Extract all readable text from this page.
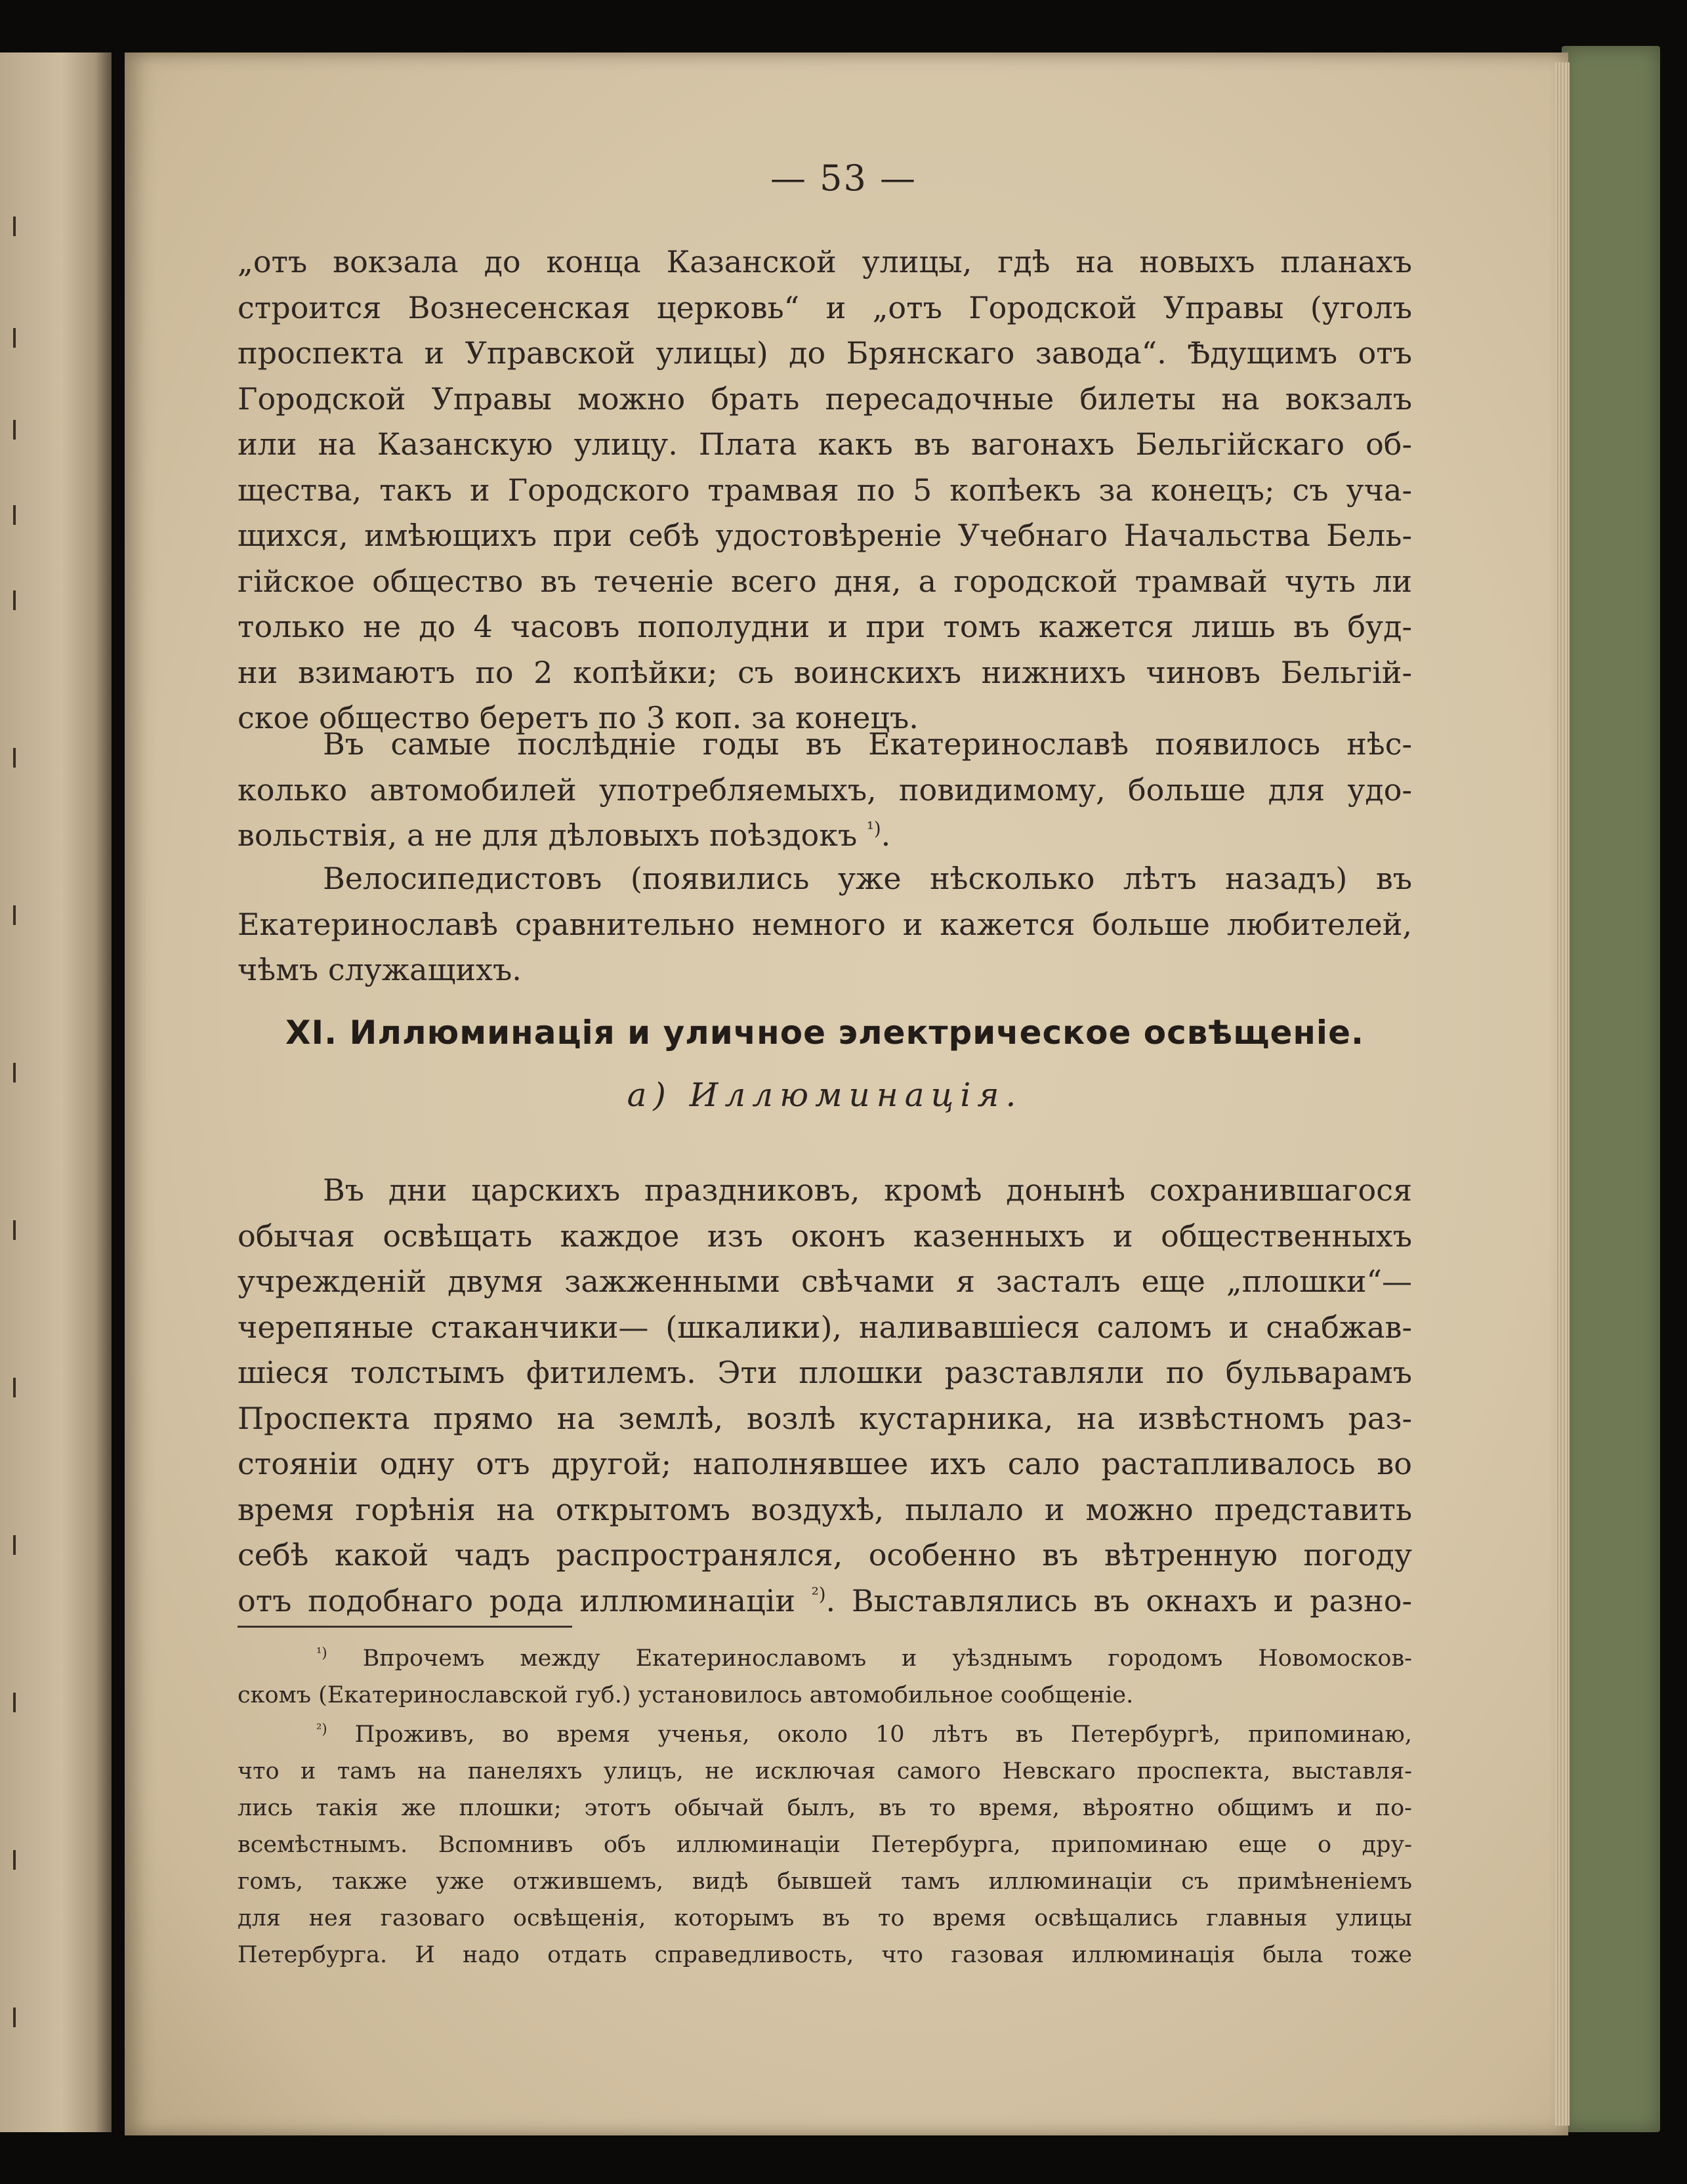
— 53 —
„отъ вокзала до конца Казанской улицы, гдѣ на новыхъ планахъ
строится Вознесенская церковь“ и „отъ Городской Управы (уголъ
проспекта и Управской улицы) до Брянскаго завода“. Ѣдущимъ отъ
Городской Управы можно брать пересадочные билеты на вокзалъ
или на Казанскую улицу. Плата какъ въ вагонахъ Бельгійскаго об-
щества, такъ и Городского трамвая по 5 копѣекъ за конецъ; съ уча-
щихся, имѣющихъ при себѣ удостовѣреніе Учебнаго Начальства Бель-
гійское общество въ теченіе всего дня, а городской трамвай чуть ли
только не до 4 часовъ пополудни и при томъ кажется лишь въ буд-
ни взимаютъ по 2 копѣйки; съ воинскихъ нижнихъ чиновъ Бельгій-
ское общество беретъ по 3 коп. за конецъ.
Въ самые послѣдніе годы въ Екатеринославѣ появилось нѣс-
колько автомобилей употребляемыхъ, повидимому, больше для удо-
вольствія, а не для дѣловыхъ поѣздокъ $^{^1)}$.
Велосипедистовъ (появились уже нѣсколько лѣтъ назадъ) въ
Екатеринославѣ сравнительно немного и кажется больше любителей,
чѣмъ служащихъ.
XI. Иллюминація и уличное электрическое освѣщеніе.
а) Иллюминація.
Въ дни царскихъ праздниковъ, кромѣ донынѣ сохранившагося
обычая освѣщать каждое изъ оконъ казенныхъ и общественныхъ
учрежденій двумя зажженными свѣчами я засталъ еще „плошки“—
черепяные стаканчики— (шкалики), наливавшіеся саломъ и снабжав-
шіеся толстымъ фитилемъ. Эти плошки разставляли по бульварамъ
Проспекта прямо на землѣ, возлѣ кустарника, на извѣстномъ раз-
стояніи одну отъ другой; наполнявшее ихъ сало растапливалось во
время горѣнія на открытомъ воздухѣ, пылало и можно представить
себѣ какой чадъ распространялся, особенно въ вѣтренную погоду
отъ подобнаго рода иллюминаціи $^{^2)}$. Выставлялись въ окнахъ и разно-
$^{^1)}$ Впрочемъ между Екатеринославомъ и уѣзднымъ городомъ Новомосков-
скомъ (Екатеринославской губ.) установилось автомобильное сообщеніе.
$^{^2)}$ Проживъ, во время ученья, около 10 лѣтъ въ Петербургѣ, припоминаю,
что и тамъ на панеляхъ улицъ, не исключая самого Невскаго проспекта, выставля-
лись такія же плошки; этотъ обычай былъ, въ то время, вѣроятно общимъ и по-
всемѣстнымъ. Вспомнивъ объ иллюминаціи Петербурга, припоминаю еще о дру-
гомъ, также уже отжившемъ, видѣ бывшей тамъ иллюминаціи съ примѣненіемъ
для нея газоваго освѣщенія, которымъ въ то время освѣщались главныя улицы
Петербурга. И надо отдать справедливость, что газовая иллюминація была тоже
